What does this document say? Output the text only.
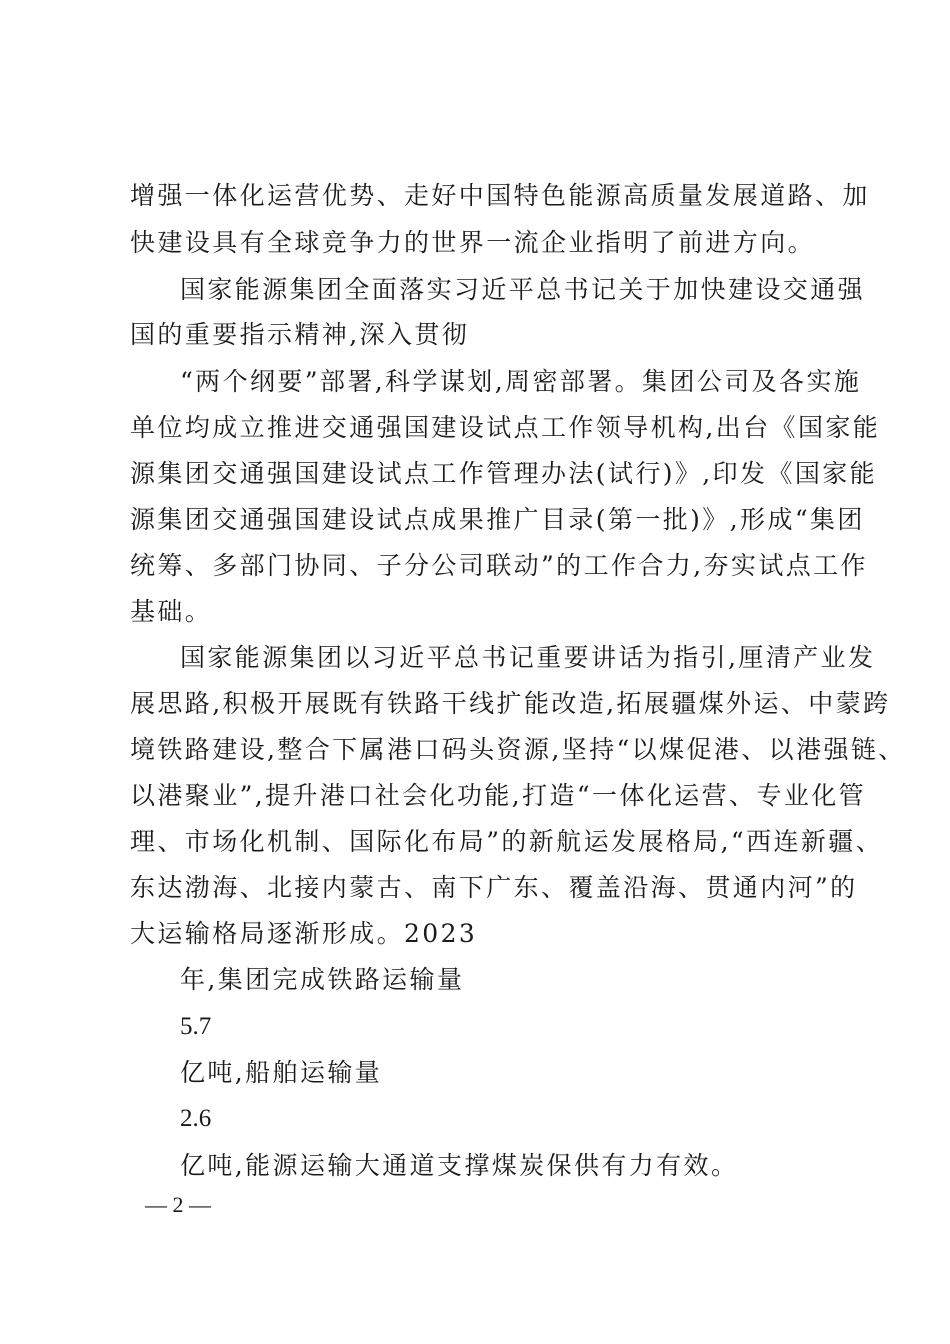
增强一体化运营优势、走好中国特色能源高质量发展道路、加
快建设具有全球竞争力的世界一流企业指明了前进方向。
国家能源集团全面落实习近平总书记关于加快建设交通强
国的重要指示精神,深入贯彻
“两个纲要”部署,科学谋划,周密部署。集团公司及各实施
单位均成立推进交通强国建设试点工作领导机构,出台《国家能
源集团交通强国建设试点工作管理办法(试行)》,印发《国家能
源集团交通强国建设试点成果推广目录(第一批)》,形成“集团
统筹、多部门协同、子分公司联动”的工作合力,夯实试点工作
基础。
国家能源集团以习近平总书记重要讲话为指引,厘清产业发
展思路,积极开展既有铁路干线扩能改造,拓展疆煤外运、中蒙跨
境铁路建设,整合下属港口码头资源,坚持“以煤促港、以港强链、
以港聚业”,提升港口社会化功能,打造“一体化运营、专业化管
理、市场化机制、国际化布局”的新航运发展格局,“西连新疆、
东达渤海、北接内蒙古、南下广东、覆盖沿海、贯通内河”的
大运输格局逐渐形成。2023
年,集团完成铁路运输量
5.7
亿吨,船舶运输量
2.6
亿吨,能源运输大通道支撑煤炭保供有力有效。
— 2 —
